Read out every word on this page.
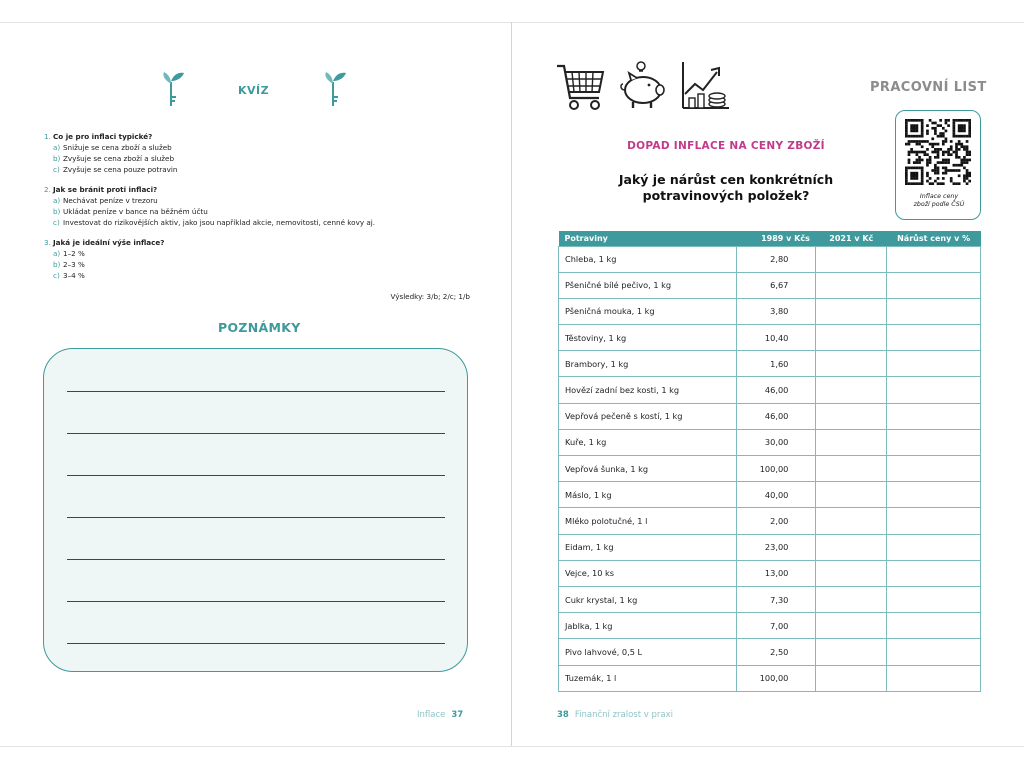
KVÍZ
1. Co je pro inflaci typické?
a) Snižuje se cena zboží a služeb
b) Zvyšuje se cena zboží a služeb
c) Zvyšuje se cena pouze potravin
2. Jak se bránit proti inflaci?
a) Nechávat peníze v trezoru
b) Ukládat peníze v bance na běžném účtu
c) Investovat do rizikovějších aktiv, jako jsou například akcie, nemovitosti, cenné kovy aj.
3. Jaká je ideální výše inflace?
a) 1–2 %
b) 2–3 %
c) 3–4 %
Výsledky: 3/b; 2/c; 1/b
POZNÁMKY
Inflace 37
PRACOVNÍ LIST
Inflace ceny
zboží podle ČSÚ
DOPAD INFLACE NA CENY ZBOŽÍ
Jaký je nárůst cen konkrétních
potravinových položek?
Potraviny	1989 v Kčs	2021 v Kč	Nárůst ceny v %
Chleba, 1 kg	2,80		
Pšeničné bílé pečivo, 1 kg	6,67		
Pšeničná mouka, 1 kg	3,80		
Těstoviny, 1 kg	10,40		
Brambory, 1 kg	1,60		
Hovězí zadní bez kosti, 1 kg	46,00		
Vepřová pečeně s kostí, 1 kg	46,00		
Kuře, 1 kg	30,00		
Vepřová šunka, 1 kg	100,00		
Máslo, 1 kg	40,00		
Mléko polotučné, 1 l	2,00		
Eidam, 1 kg	23,00		
Vejce, 10 ks	13,00		
Cukr krystal, 1 kg	7,30		
Jablka, 1 kg	7,00		
Pivo lahvové, 0,5 L	2,50		
Tuzemák, 1 l	100,00		
38 Finanční zralost v praxi
